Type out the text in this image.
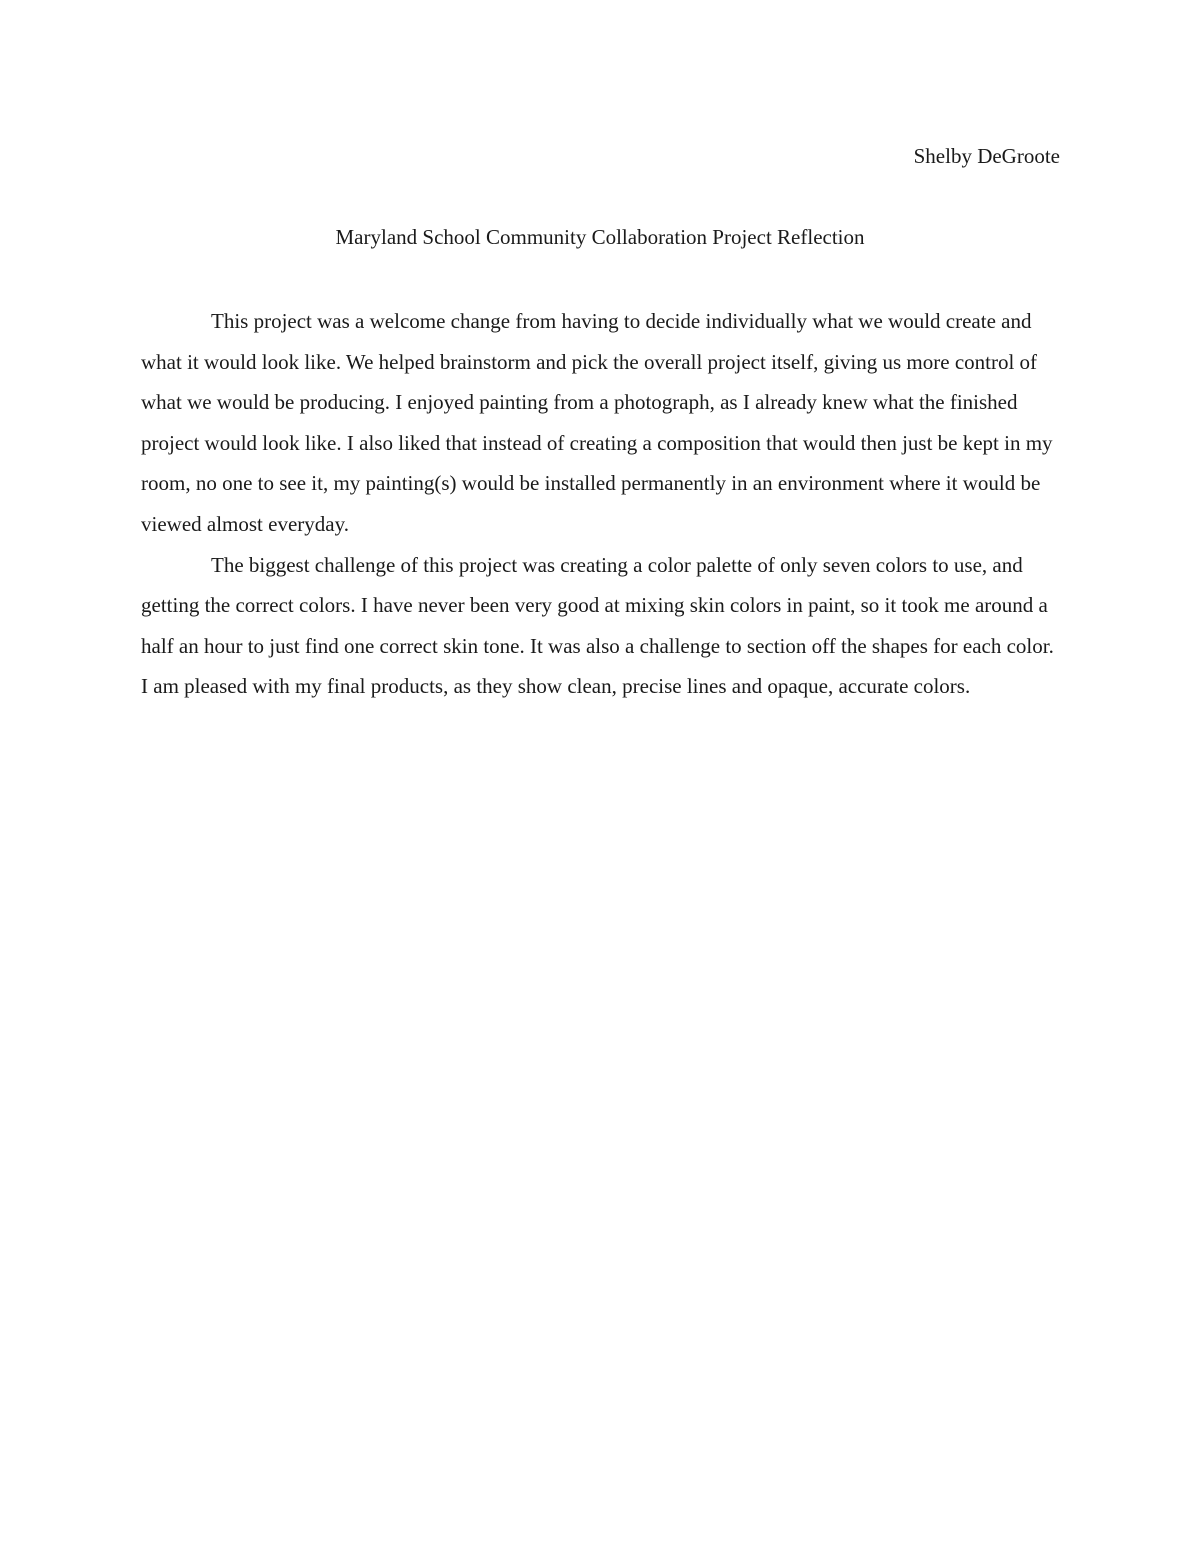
Shelby DeGroote

Maryland School Community Collaboration Project Reflection

This project was a welcome change from having to decide individually what we would create and what it would look like. We helped brainstorm and pick the overall project itself, giving us more control of what we would be producing. I enjoyed painting from a photograph, as I already knew what the finished project would look like. I also liked that instead of creating a composition that would then just be kept in my room, no one to see it, my painting(s) would be installed permanently in an environment where it would be viewed almost everyday.

The biggest challenge of this project was creating a color palette of only seven colors to use, and getting the correct colors. I have never been very good at mixing skin colors in paint, so it took me around a half an hour to just find one correct skin tone. It was also a challenge to section off the shapes for each color. I am pleased with my final products, as they show clean, precise lines and opaque, accurate colors.
